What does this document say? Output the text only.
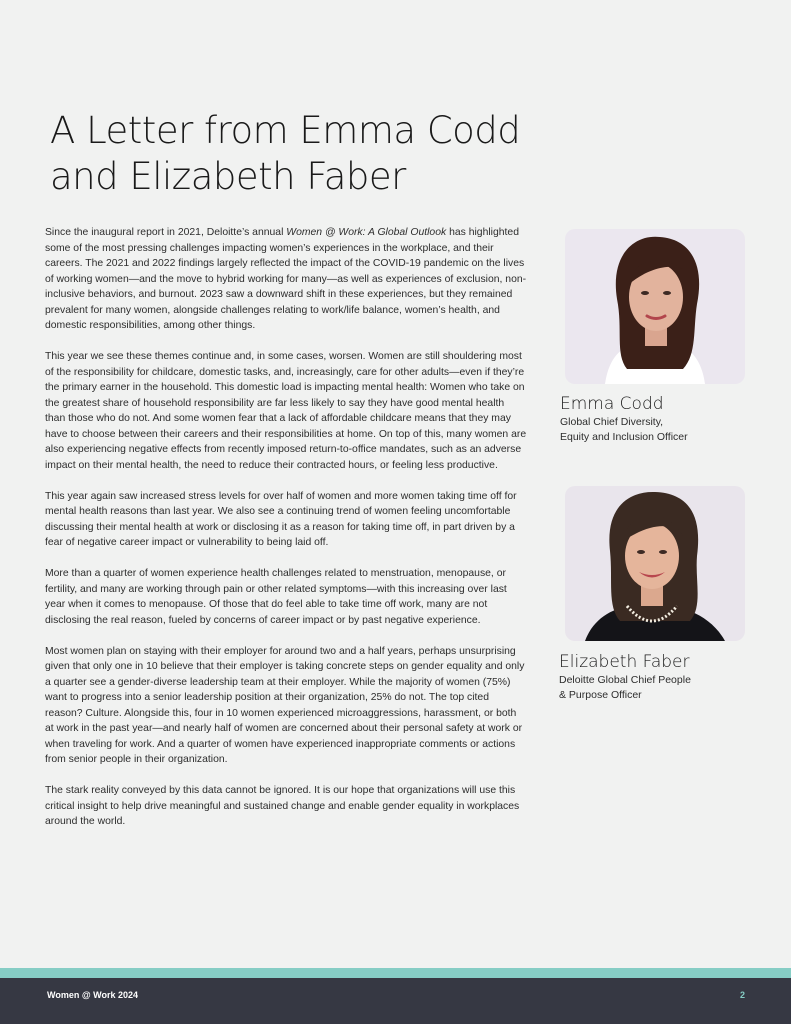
A Letter from Emma Codd
and Elizabeth Faber

Since the inaugural report in 2021, Deloitte’s annual Women @ Work: A Global Outlook has highlighted some of the most pressing challenges impacting women’s experiences in the workplace, and their careers. The 2021 and 2022 findings largely reflected the impact of the COVID-19 pandemic on the lives of working women—and the move to hybrid working for many—as well as experiences of exclusion, non-inclusive behaviors, and burnout. 2023 saw a downward shift in these experiences, but they remained prevalent for many women, alongside challenges relating to work/life balance, women’s health, and domestic responsibilities, among other things.

This year we see these themes continue and, in some cases, worsen. Women are still shouldering most of the responsibility for childcare, domestic tasks, and, increasingly, care for other adults—even if they’re the primary earner in the household. This domestic load is impacting mental health: Women who take on the greatest share of household responsibility are far less likely to say they have good mental health than those who do not. And some women fear that a lack of affordable childcare means that they may have to choose between their careers and their responsibilities at home. On top of this, many women are also experiencing negative effects from recently imposed return-to-office mandates, such as an adverse impact on their mental health, the need to reduce their contracted hours, or feeling less productive.

This year again saw increased stress levels for over half of women and more women taking time off for mental health reasons than last year. We also see a continuing trend of women feeling uncomfortable discussing their mental health at work or disclosing it as a reason for taking time off, in part driven by a fear of negative career impact or vulnerability to being laid off.

More than a quarter of women experience health challenges related to menstruation, menopause, or fertility, and many are working through pain or other related symptoms—with this increasing over last year when it comes to menopause. Of those that do feel able to take time off work, many are not disclosing the real reason, fueled by concerns of career impact or by past negative experience.

Most women plan on staying with their employer for around two and a half years, perhaps unsurprising given that only one in 10 believe that their employer is taking concrete steps on gender equality and only a quarter see a gender-diverse leadership team at their employer. While the majority of women (75%) want to progress into a senior leadership position at their organization, 25% do not. The top cited reason? Culture. Alongside this, four in 10 women experienced microaggressions, harassment, or both at work in the past year—and nearly half of women are concerned about their personal safety at work or when traveling for work. And a quarter of women have experienced inappropriate comments or actions from senior people in their organization.

The stark reality conveyed by this data cannot be ignored. It is our hope that organizations will use this critical insight to help drive meaningful and sustained change and enable gender equality in workplaces around the world.

Emma Codd
Global Chief Diversity,
Equity and Inclusion Officer
Elizabeth Faber
Deloitte Global Chief People
& Purpose Officer
Women @ Work 2024	2
